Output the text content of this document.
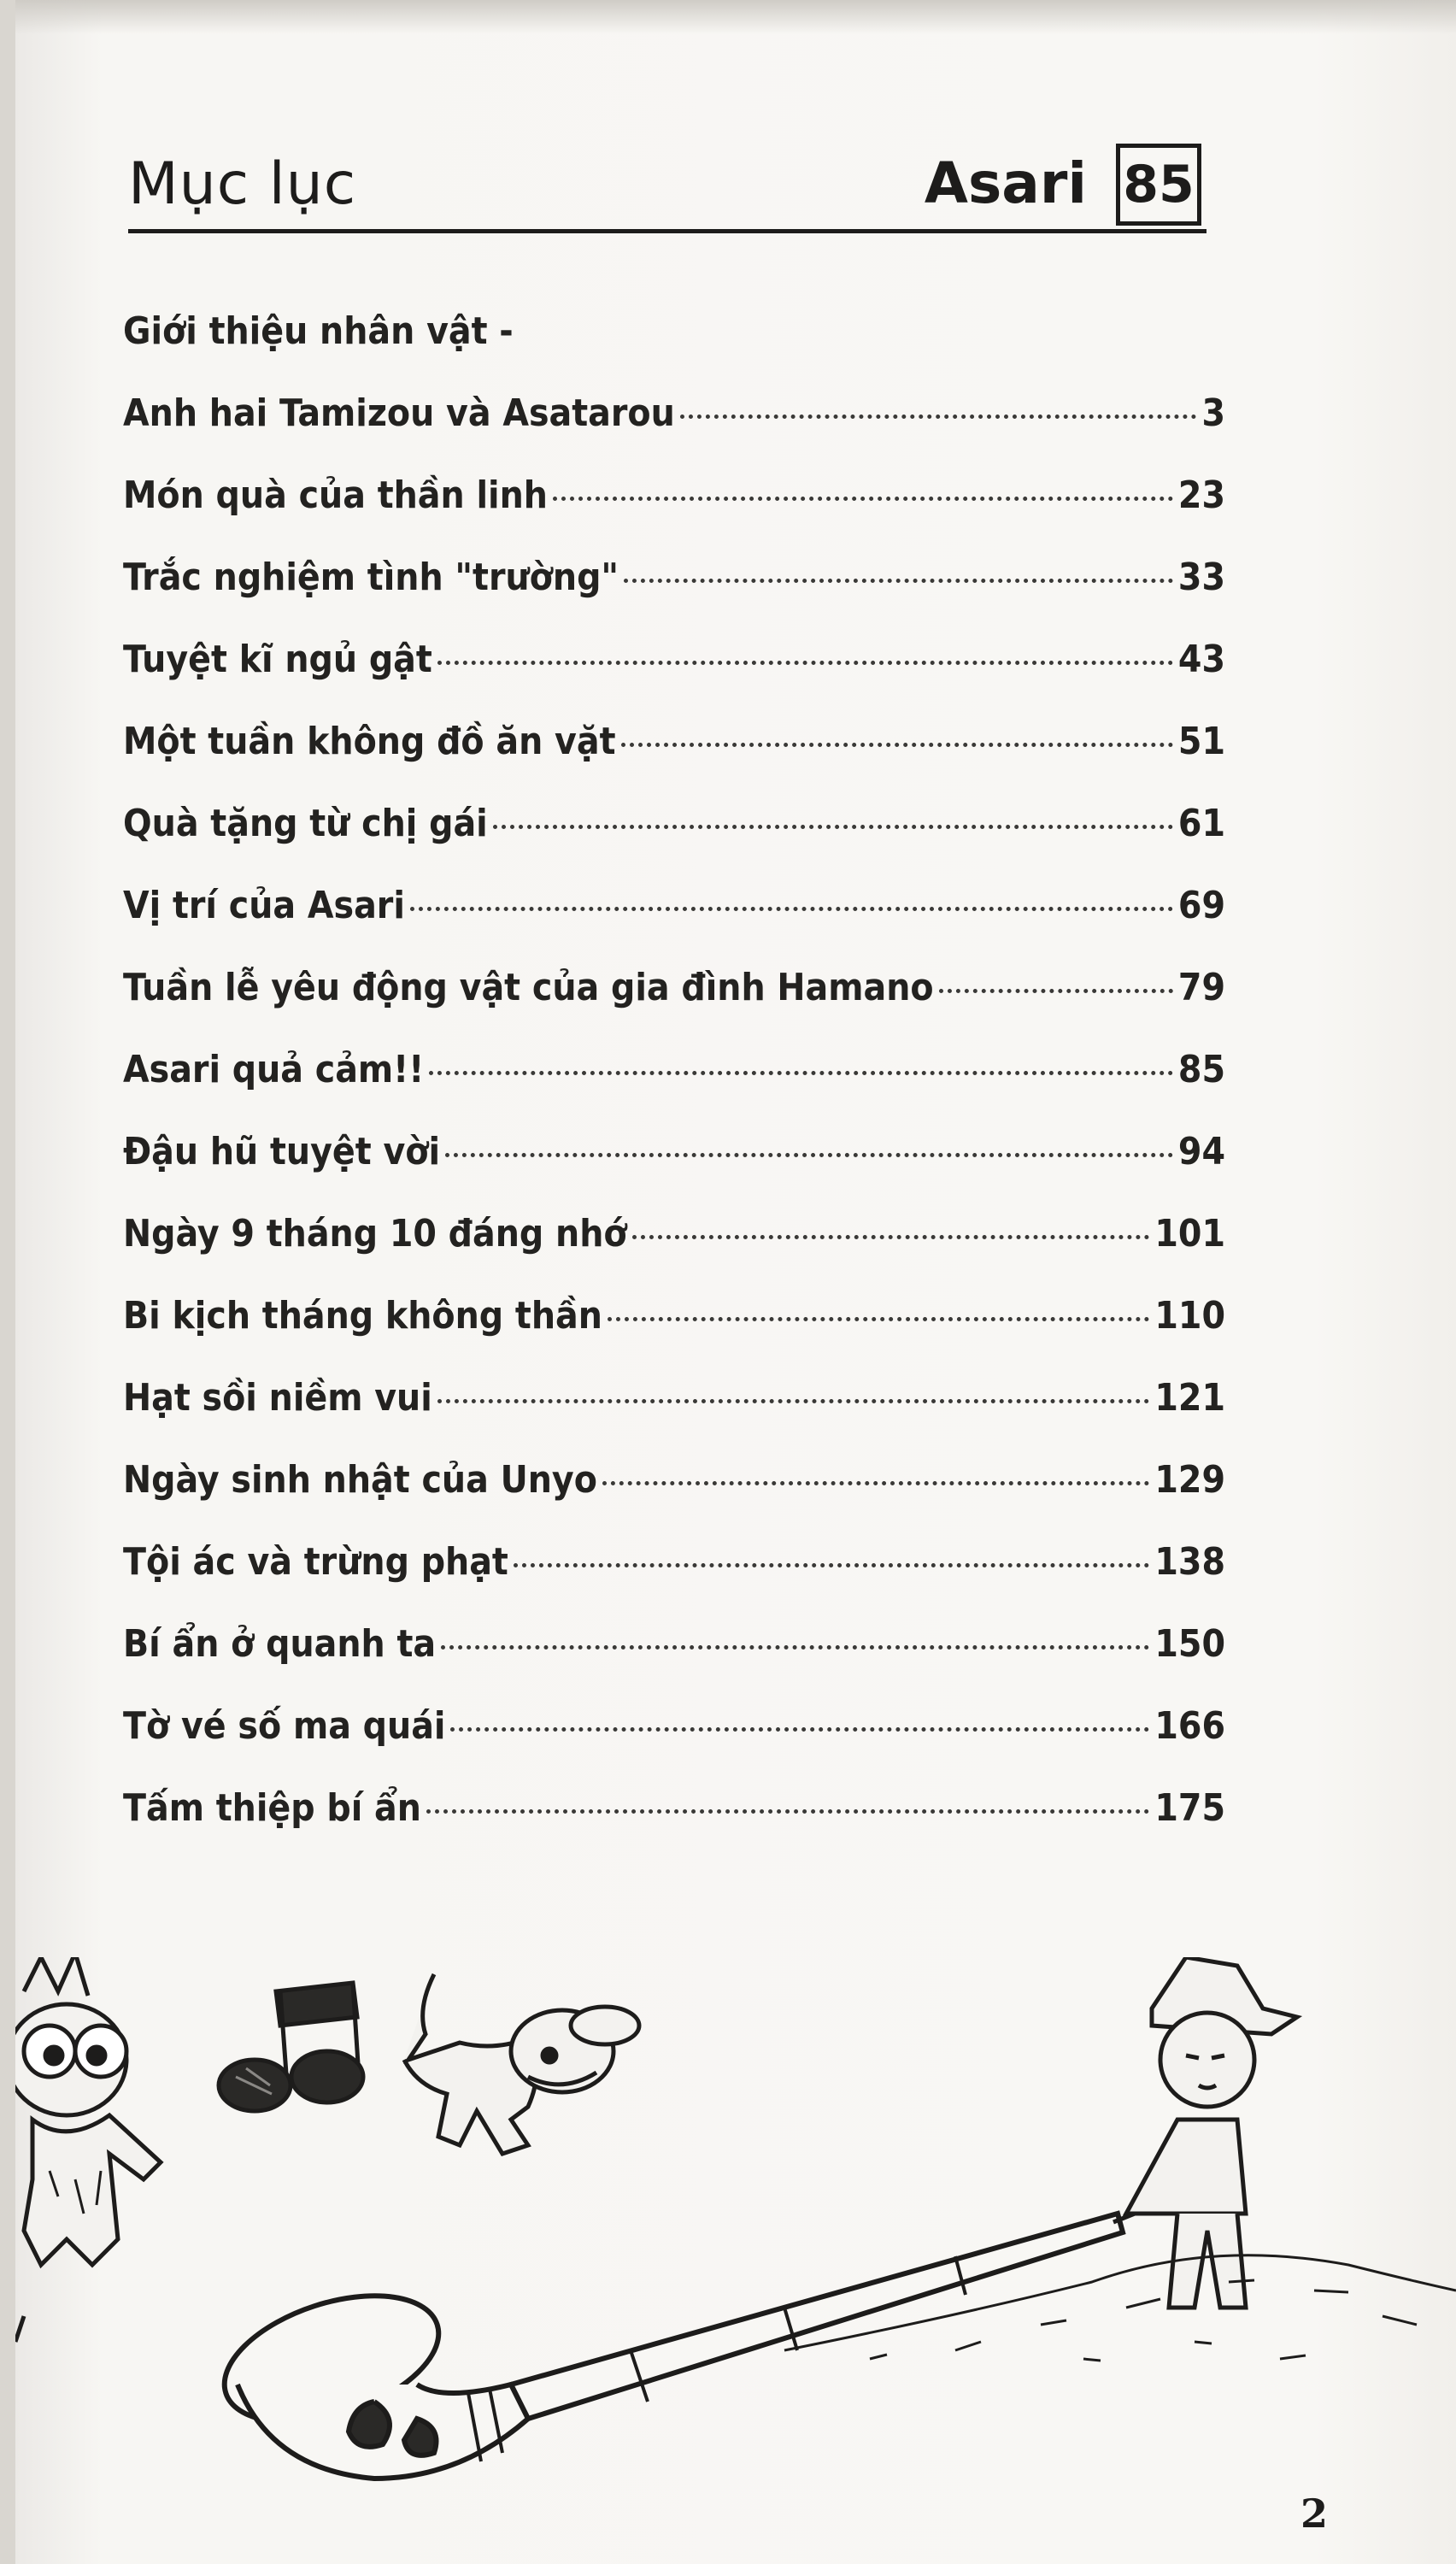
Mục lục	Asari 85
Giới thiệu nhân vật -
Anh hai Tamizou và Asatarou	3
Món quà của thần linh	23
Trắc nghiệm tình "trường"	33
Tuyệt kĩ ngủ gật	43
Một tuần không đồ ăn vặt	51
Quà tặng từ chị gái	61
Vị trí của Asari	69
Tuần lễ yêu động vật của gia đình Hamano	79
Asari quả cảm!!	85
Đậu hũ tuyệt vời	94
Ngày 9 tháng 10 đáng nhớ	101
Bi kịch tháng không thần	110
Hạt sồi niềm vui	121
Ngày sinh nhật của Unyo	129
Tội ác và trừng phạt	138
Bí ẩn ở quanh ta	150
Tờ vé số ma quái	166
Tấm thiệp bí ẩn	175
2
